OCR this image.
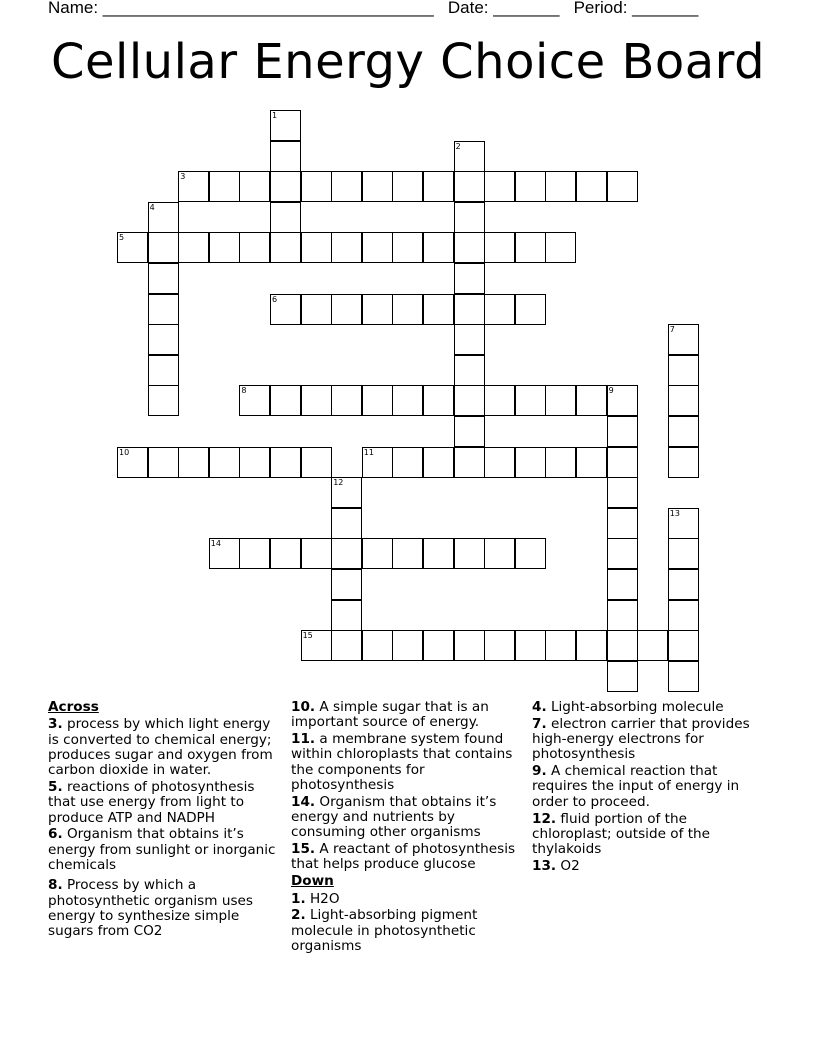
Name: ___________________________________   Date: _______   Period: _______
Cellular Energy Choice Board
1
2
3
4
5
6
7
8	9
10	11
12
13
14
15
Across
3. process by which light energy is converted to chemical energy; produces sugar and oxygen from carbon dioxide in water.
5. reactions of photosynthesis that use energy from light to produce ATP and NADPH
6. Organism that obtains it’s energy from sunlight or inorganic chemicals
8. Process by which a photosynthetic organism uses energy to synthesize simple sugars from CO2
10. A simple sugar that is an important source of energy.
11. a membrane system found within chloroplasts that contains the components for photosynthesis
14. Organism that obtains it’s energy and nutrients by consuming other organisms
15. A reactant of photosynthesis that helps produce glucose
Down
1. H2O
2. Light-absorbing pigment molecule in photosynthetic organisms
4. Light-absorbing molecule
7. electron carrier that provides high-energy electrons for photosynthesis
9. A chemical reaction that requires the input of energy in order to proceed.
12. fluid portion of the chloroplast; outside of the thylakoids
13. O2
